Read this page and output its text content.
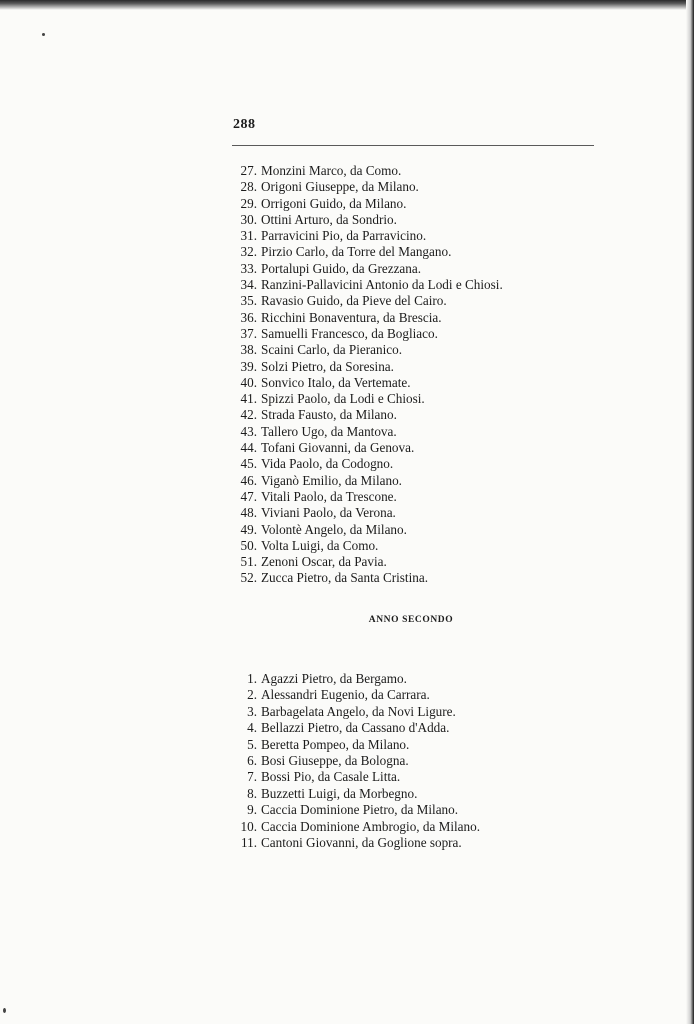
288
27. Monzini Marco, da Como.
28. Origoni Giuseppe, da Milano.
29. Orrigoni Guido, da Milano.
30. Ottini Arturo, da Sondrio.
31. Parravicini Pio, da Parravicino.
32. Pirzio Carlo, da Torre del Mangano.
33. Portalupi Guido, da Grezzana.
34. Ranzini-Pallavicini Antonio da Lodi e Chiosi.
35. Ravasio Guido, da Pieve del Cairo.
36. Ricchini Bonaventura, da Brescia.
37. Samuelli Francesco, da Bogliaco.
38. Scaini Carlo, da Pieranico.
39. Solzi Pietro, da Soresina.
40. Sonvico Italo, da Vertemate.
41. Spizzi Paolo, da Lodi e Chiosi.
42. Strada Fausto, da Milano.
43. Tallero Ugo, da Mantova.
44. Tofani Giovanni, da Genova.
45. Vida Paolo, da Codogno.
46. Viganò Emilio, da Milano.
47. Vitali Paolo, da Trescone.
48. Viviani Paolo, da Verona.
49. Volontè Angelo, da Milano.
50. Volta Luigi, da Como.
51. Zenoni Oscar, da Pavia.
52. Zucca Pietro, da Santa Cristina.
ANNO SECONDO
1. Agazzi Pietro, da Bergamo.
2. Alessandri Eugenio, da Carrara.
3. Barbagelata Angelo, da Novi Ligure.
4. Bellazzi Pietro, da Cassano d'Adda.
5. Beretta Pompeo, da Milano.
6. Bosi Giuseppe, da Bologna.
7. Bossi Pio, da Casale Litta.
8. Buzzetti Luigi, da Morbegno.
9. Caccia Dominione Pietro, da Milano.
10. Caccia Dominione Ambrogio, da Milano.
11. Cantoni Giovanni, da Goglione sopra.
